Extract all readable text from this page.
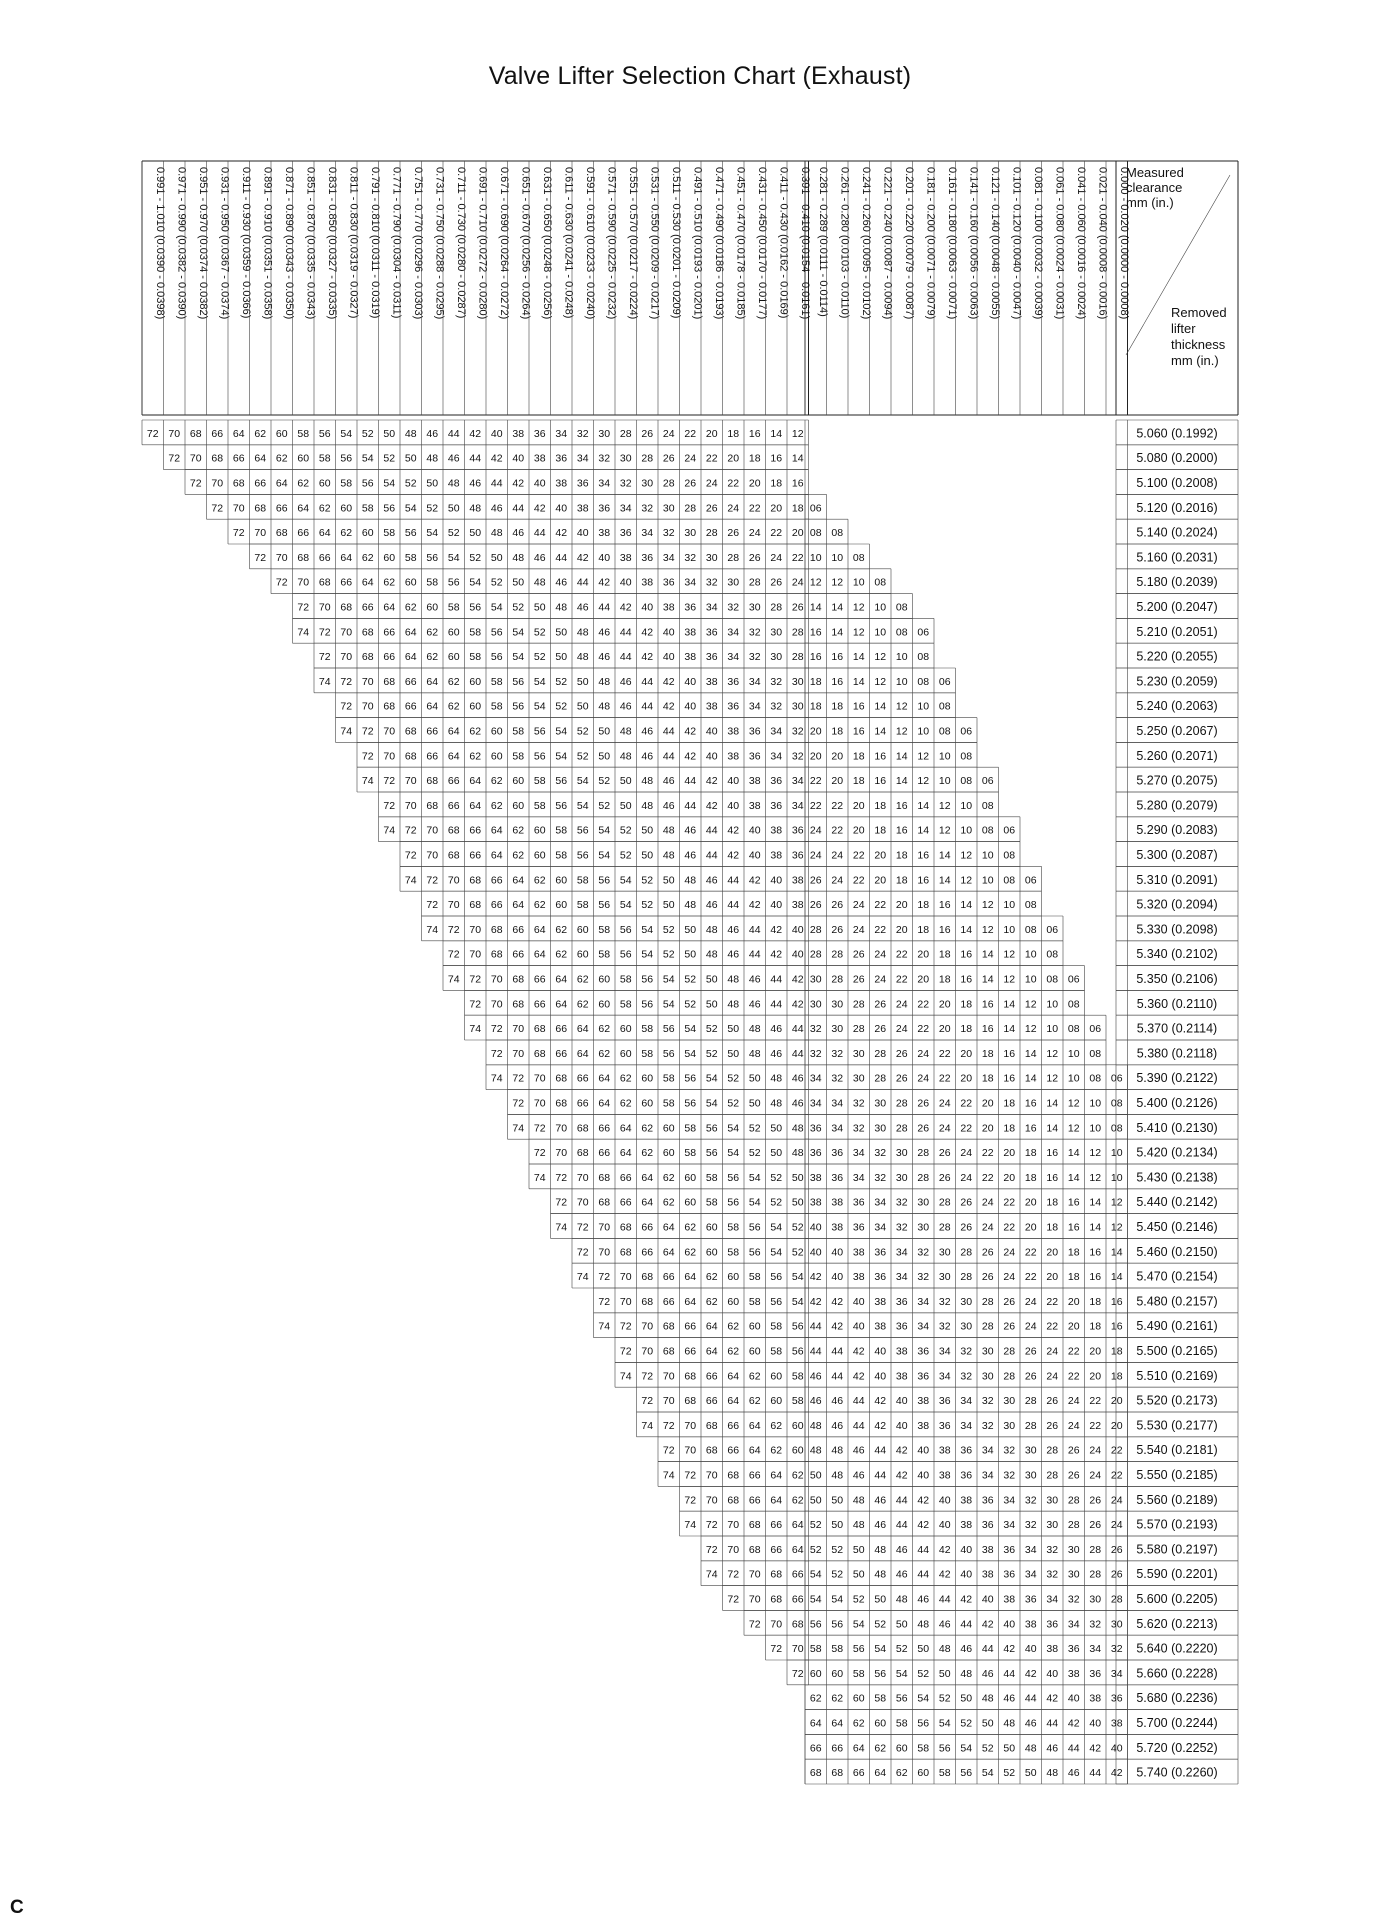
Valve Lifter Selection Chart (Exhaust)
0.991 - 1.010 (0.0390 - 0.0398) 0.971 - 0.990 (0.0382 - 0.0390) 0.951 - 0.970 (0.0374 - 0.0382) 0.931 - 0.950 (0.0367 - 0.0374) 0.911 - 0.930 (0.0359 - 0.0366) 0.891 - 0.910 (0.0351 - 0.0358) 0.871 - 0.890 (0.0343 - 0.0350) 0.851 - 0.870 (0.0335 - 0.0343) 0.831 - 0.850 (0.0327 - 0.0335) 0.811 - 0.830 (0.0319 - 0.0327) 0.791 - 0.810 (0.0311 - 0.0319) 0.771 - 0.790 (0.0304 - 0.0311) 0.751 - 0.770 (0.0296 - 0.0303) 0.731 - 0.750 (0.0288 - 0.0295) 0.711 - 0.730 (0.0280 - 0.0287) 0.691 - 0.710 (0.0272 - 0.0280) 0.671 - 0.690 (0.0264 - 0.0272) 0.651 - 0.670 (0.0256 - 0.0264) 0.631 - 0.650 (0.0248 - 0.0256) 0.611 - 0.630 (0.0241 - 0.0248) 0.591 - 0.610 (0.0233 - 0.0240) 0.571 - 0.590 (0.0225 - 0.0232) 0.551 - 0.570 (0.0217 - 0.0224) 0.531 - 0.550 (0.0209 - 0.0217) 0.511 - 0.530 (0.0201 - 0.0209) 0.491 - 0.510 (0.0193 - 0.0201) 0.471 - 0.490 (0.0186 - 0.0193) 0.451 - 0.470 (0.0178 - 0.0185) 0.431 - 0.450 (0.0170 - 0.0177) 0.411 - 0.430 (0.0162 - 0.0169) 0.391 - 0.410 (0.0154 - 0.0161) 0.281 - 0.289 (0.0111 - 0.0114) 0.261 - 0.280 (0.0103 - 0.0110) 0.241 - 0.260 (0.0095 - 0.0102) 0.221 - 0.240 (0.0087 - 0.0094) 0.201 - 0.220 (0.0079 - 0.0087) 0.181 - 0.200 (0.0071 - 0.0079) 0.161 - 0.180 (0.0063 - 0.0071) 0.141 - 0.160 (0.0056 - 0.0063) 0.121 - 0.140 (0.0048 - 0.0055) 0.101 - 0.120 (0.0040 - 0.0047) 0.081 - 0.100 (0.0032 - 0.0039) 0.061 - 0.080 (0.0024 - 0.0031) 0.041 - 0.060 (0.0016 - 0.0024) 0.021 - 0.040 (0.0008 - 0.0016) 0.000 - 0.020 (0.0000 - 0.0008)
Measured
clearance
mm (in.)
Removed
lifter
thickness
mm (in.)
5.060 (0.1992)
72 70 68 66 64 62 60 58 56 54 52 50 48 46 44 42 40 38 36 34 32 30 28 26 24 22 20 18 16 14 12
5.080 (0.2000)
72 70 68 66 64 62 60 58 56 54 52 50 48 46 44 42 40 38 36 34 32 30 28 26 24 22 20 18 16 14
5.100 (0.2008)
72 70 68 66 64 62 60 58 56 54 52 50 48 46 44 42 40 38 36 34 32 30 28 26 24 22 20 18 16
5.120 (0.2016)
72 70 68 66 64 62 60 58 56 54 52 50 48 46 44 42 40 38 36 34 32 30 28 26 24 22 20 18 06
5.140 (0.2024)
72 70 68 66 64 62 60 58 56 54 52 50 48 46 44 42 40 38 36 34 32 30 28 26 24 22 20 08 08
5.160 (0.2031)
72 70 68 66 64 62 60 58 56 54 52 50 48 46 44 42 40 38 36 34 32 30 28 26 24 22 10 10 08
5.180 (0.2039)
72 70 68 66 64 62 60 58 56 54 52 50 48 46 44 42 40 38 36 34 32 30 28 26 24 12 12 10 08
5.200 (0.2047)
72 70 68 66 64 62 60 58 56 54 52 50 48 46 44 42 40 38 36 34 32 30 28 26 14 14 12 10 08
5.210 (0.2051)
74 72 70 68 66 64 62 60 58 56 54 52 50 48 46 44 42 40 38 36 34 32 30 28 16 14 12 10 08 06
5.220 (0.2055)
72 70 68 66 64 62 60 58 56 54 52 50 48 46 44 42 40 38 36 34 32 30 28 16 16 14 12 10 08
5.230 (0.2059)
74 72 70 68 66 64 62 60 58 56 54 52 50 48 46 44 42 40 38 36 34 32 30 18 16 14 12 10 08 06
5.240 (0.2063)
72 70 68 66 64 62 60 58 56 54 52 50 48 46 44 42 40 38 36 34 32 30 18 18 16 14 12 10 08
5.250 (0.2067)
74 72 70 68 66 64 62 60 58 56 54 52 50 48 46 44 42 40 38 36 34 32 20 18 16 14 12 10 08 06
5.260 (0.2071)
72 70 68 66 64 62 60 58 56 54 52 50 48 46 44 42 40 38 36 34 32 20 20 18 16 14 12 10 08
5.270 (0.2075)
74 72 70 68 66 64 62 60 58 56 54 52 50 48 46 44 42 40 38 36 34 22 20 18 16 14 12 10 08 06
5.280 (0.2079)
72 70 68 66 64 62 60 58 56 54 52 50 48 46 44 42 40 38 36 34 22 22 20 18 16 14 12 10 08
5.290 (0.2083)
74 72 70 68 66 64 62 60 58 56 54 52 50 48 46 44 42 40 38 36 24 22 20 18 16 14 12 10 08 06
5.300 (0.2087)
72 70 68 66 64 62 60 58 56 54 52 50 48 46 44 42 40 38 36 24 24 22 20 18 16 14 12 10 08
5.310 (0.2091)
74 72 70 68 66 64 62 60 58 56 54 52 50 48 46 44 42 40 38 26 24 22 20 18 16 14 12 10 08 06
5.320 (0.2094)
72 70 68 66 64 62 60 58 56 54 52 50 48 46 44 42 40 38 26 26 24 22 20 18 16 14 12 10 08
5.330 (0.2098)
74 72 70 68 66 64 62 60 58 56 54 52 50 48 46 44 42 40 28 26 24 22 20 18 16 14 12 10 08 06
5.340 (0.2102)
72 70 68 66 64 62 60 58 56 54 52 50 48 46 44 42 40 28 28 26 24 22 20 18 16 14 12 10 08
5.350 (0.2106)
74 72 70 68 66 64 62 60 58 56 54 52 50 48 46 44 42 30 28 26 24 22 20 18 16 14 12 10 08 06
5.360 (0.2110)
72 70 68 66 64 62 60 58 56 54 52 50 48 46 44 42 30 30 28 26 24 22 20 18 16 14 12 10 08
5.370 (0.2114)
74 72 70 68 66 64 62 60 58 56 54 52 50 48 46 44 32 30 28 26 24 22 20 18 16 14 12 10 08 06
5.380 (0.2118)
72 70 68 66 64 62 60 58 56 54 52 50 48 46 44 32 32 30 28 26 24 22 20 18 16 14 12 10 08
5.390 (0.2122)
74 72 70 68 66 64 62 60 58 56 54 52 50 48 46 34 32 30 28 26 24 22 20 18 16 14 12 10 08 06
5.400 (0.2126)
72 70 68 66 64 62 60 58 56 54 52 50 48 46 34 34 32 30 28 26 24 22 20 18 16 14 12 10 08
5.410 (0.2130)
74 72 70 68 66 64 62 60 58 56 54 52 50 48 36 34 32 30 28 26 24 22 20 18 16 14 12 10 08
5.420 (0.2134)
72 70 68 66 64 62 60 58 56 54 52 50 48 36 36 34 32 30 28 26 24 22 20 18 16 14 12 10
5.430 (0.2138)
74 72 70 68 66 64 62 60 58 56 54 52 50 38 36 34 32 30 28 26 24 22 20 18 16 14 12 10
5.440 (0.2142)
72 70 68 66 64 62 60 58 56 54 52 50 38 38 36 34 32 30 28 26 24 22 20 18 16 14 12
5.450 (0.2146)
74 72 70 68 66 64 62 60 58 56 54 52 40 38 36 34 32 30 28 26 24 22 20 18 16 14 12
5.460 (0.2150)
72 70 68 66 64 62 60 58 56 54 52 40 40 38 36 34 32 30 28 26 24 22 20 18 16 14
5.470 (0.2154)
74 72 70 68 66 64 62 60 58 56 54 42 40 38 36 34 32 30 28 26 24 22 20 18 16 14
5.480 (0.2157)
72 70 68 66 64 62 60 58 56 54 42 42 40 38 36 34 32 30 28 26 24 22 20 18 16
5.490 (0.2161)
74 72 70 68 66 64 62 60 58 56 44 42 40 38 36 34 32 30 28 26 24 22 20 18 16
5.500 (0.2165)
72 70 68 66 64 62 60 58 56 44 44 42 40 38 36 34 32 30 28 26 24 22 20 18
5.510 (0.2169)
74 72 70 68 66 64 62 60 58 46 44 42 40 38 36 34 32 30 28 26 24 22 20 18
5.520 (0.2173)
72 70 68 66 64 62 60 58 46 46 44 42 40 38 36 34 32 30 28 26 24 22 20
5.530 (0.2177)
74 72 70 68 66 64 62 60 48 46 44 42 40 38 36 34 32 30 28 26 24 22 20
5.540 (0.2181)
72 70 68 66 64 62 60 48 48 46 44 42 40 38 36 34 32 30 28 26 24 22
5.550 (0.2185)
74 72 70 68 66 64 62 50 48 46 44 42 40 38 36 34 32 30 28 26 24 22
5.560 (0.2189)
72 70 68 66 64 62 50 50 48 46 44 42 40 38 36 34 32 30 28 26 24
5.570 (0.2193)
74 72 70 68 66 64 52 50 48 46 44 42 40 38 36 34 32 30 28 26 24
5.580 (0.2197)
72 70 68 66 64 52 52 50 48 46 44 42 40 38 36 34 32 30 28 26
5.590 (0.2201)
74 72 70 68 66 54 52 50 48 46 44 42 40 38 36 34 32 30 28 26
5.600 (0.2205)
72 70 68 66 54 54 52 50 48 46 44 42 40 38 36 34 32 30 28
5.620 (0.2213)
72 70 68 56 56 54 52 50 48 46 44 42 40 38 36 34 32 30
5.640 (0.2220)
72 70 58 58 56 54 52 50 48 46 44 42 40 38 36 34 32
5.660 (0.2228)
72 60 60 58 56 54 52 50 48 46 44 42 40 38 36 34
5.680 (0.2236)
62 62 60 58 56 54 52 50 48 46 44 42 40 38 36
5.700 (0.2244)
64 64 62 60 58 56 54 52 50 48 46 44 42 40 38
5.720 (0.2252)
66 66 64 62 60 58 56 54 52 50 48 46 44 42 40
5.740 (0.2260)
68 68 66 64 62 60 58 56 54 52 50 48 46 44 42
C
